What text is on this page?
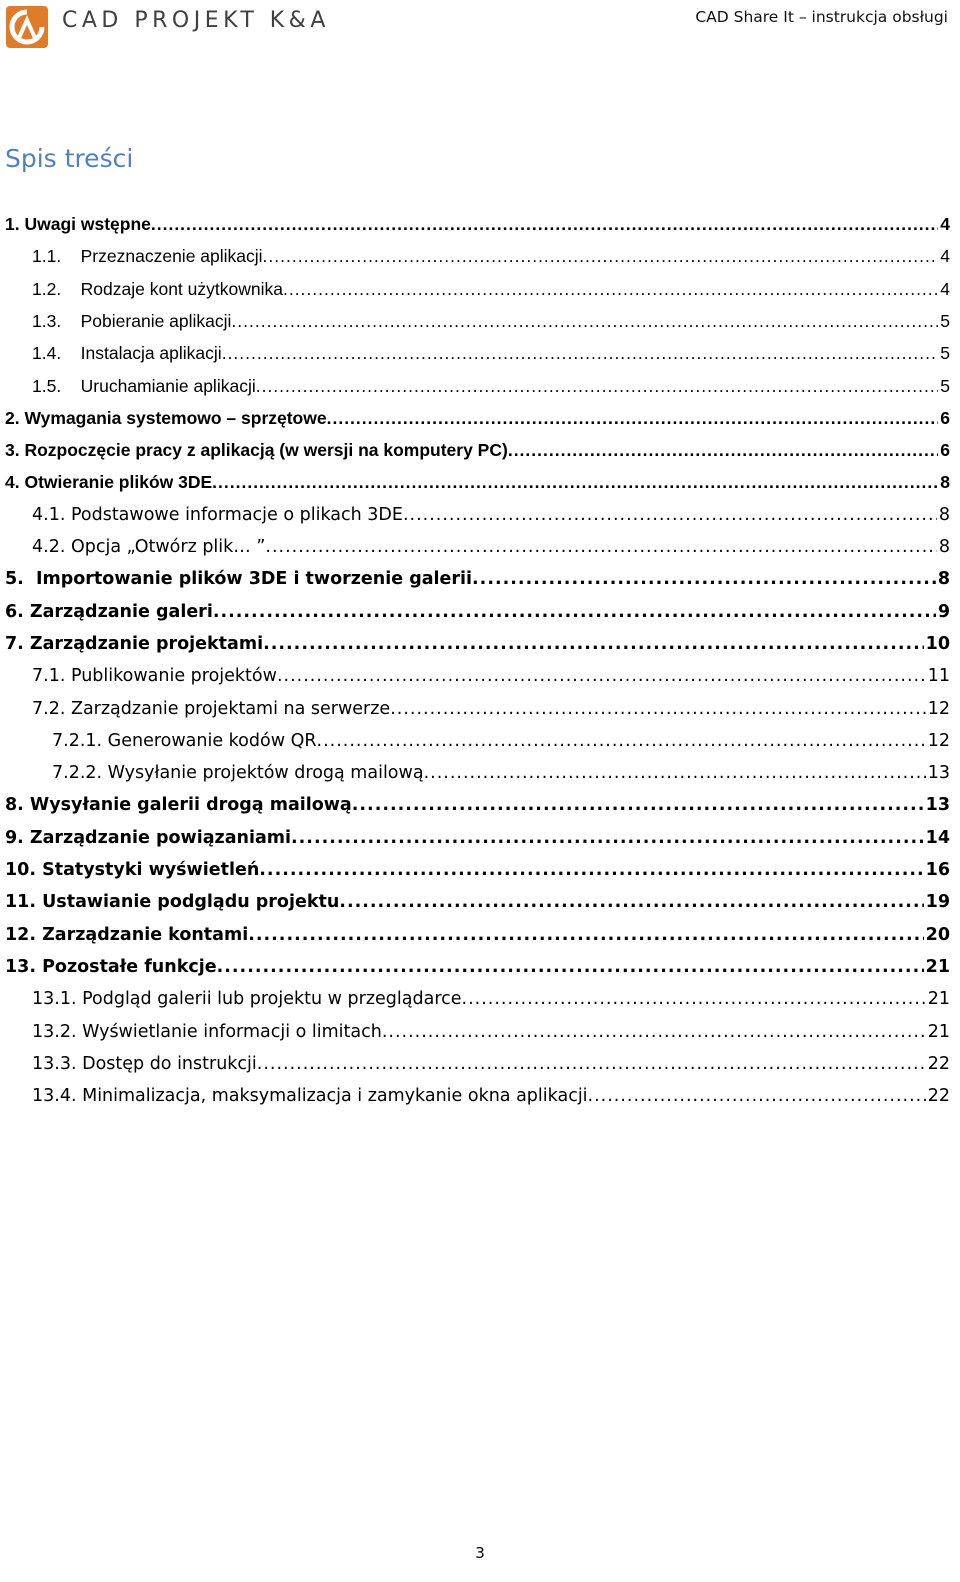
CAD PROJEKT K&A	CAD Share It – instrukcja obsługi
Spis treści
1. Uwagi wstępne .....	4
1.1.    Przeznaczenie aplikacji .....	4
1.2.    Rodzaje kont użytkownika .....	4
1.3.    Pobieranie aplikacji .....	5
1.4.    Instalacja aplikacji .....	5
1.5.    Uruchamianie aplikacji .....	5
2. Wymagania systemowo – sprzętowe .....	6
3. Rozpoczęcie pracy z aplikacją (w wersji na komputery PC) .....	6
4. Otwieranie plików 3DE .....	8
4.1. Podstawowe informacje o plikach 3DE .....	8
4.2. Opcja „Otwórz plik… ” .....	8
5.  Importowanie plików 3DE i tworzenie galerii .....	8
6. Zarządzanie galeri .....	9
7. Zarządzanie projektami .....	10
7.1. Publikowanie projektów .....	11
7.2. Zarządzanie projektami na serwerze .....	12
7.2.1. Generowanie kodów QR .....	12
7.2.2. Wysyłanie projektów drogą mailową .....	13
8. Wysyłanie galerii drogą mailową .....	13
9. Zarządzanie powiązaniami .....	14
10. Statystyki wyświetleń .....	16
11. Ustawianie podglądu projektu .....	19
12. Zarządzanie kontami .....	20
13. Pozostałe funkcje .....	21
13.1. Podgląd galerii lub projektu w przeglądarce .....	21
13.2. Wyświetlanie informacji o limitach .....	21
13.3. Dostęp do instrukcji .....	22
13.4. Minimalizacja, maksymalizacja i zamykanie okna aplikacji .....	22
3
